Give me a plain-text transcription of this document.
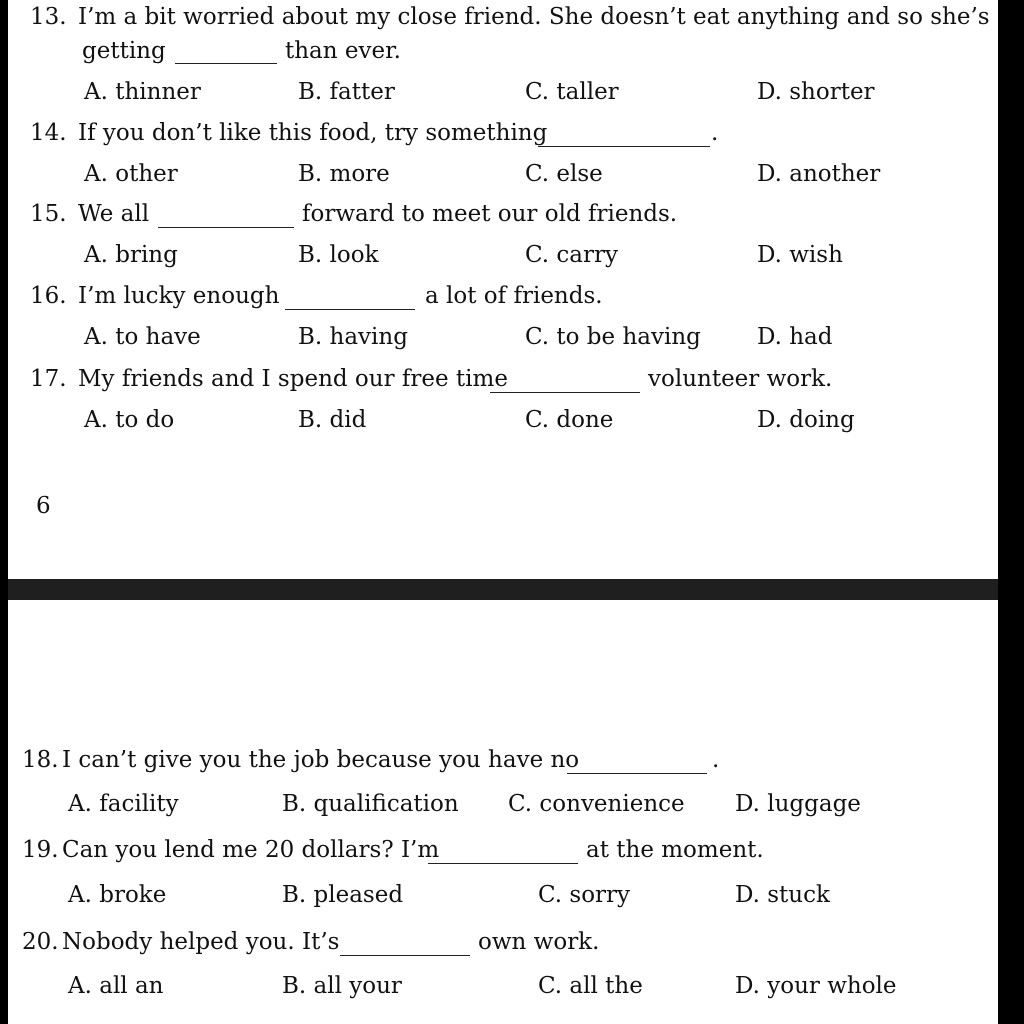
13. I’m a bit worried about my close friend. She doesn’t eat anything and so she’s
getting	than ever.
A. thinner	B. fatter	C. taller	D. shorter
14. If you don’t like this food, try something	.
A. other	B. more	C. else	D. another
15. We all	forward to meet our old friends.
A. bring	B. look	C. carry	D. wish
16. I’m lucky enough	a lot of friends.
A. to have	B. having	C. to be having D. had
17. My friends and I spend our free time	volunteer work.
A. to do	B. did	C. done	D. doing
6
18. I can’t give you the job because you have no	.
A. facility	B. qualification C. convenience D. luggage
19. Can you lend me 20 dollars? I’m	at the moment.
A. broke	B. pleased	C. sorry	D. stuck
20. Nobody helped you. It’s	own work.
A. all an	B. all your	C. all the	D. your whole
